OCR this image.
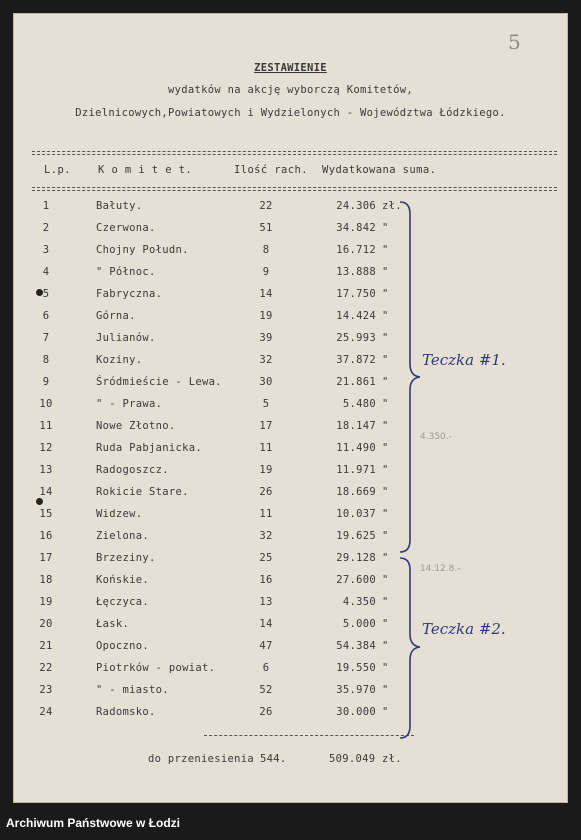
5
ZESTAWIENIE
wydatków na akcję wyborczą Komitetów,
Dzielnicowych,Powiatowych i Wydzielonych - Województwa Łódzkiego.
L.p.	K o m i t e t.	Ilość rach. Wydatkowana suma.
1	Bałuty.	22	24.306 zł.
2	Czerwona.	51	34.842 "
3	Chojny Połudn.	8	16.712 "
4	" Północ.	9	13.888 "
5	Fabryczna.	14	17.750 "
6	Górna.	19	14.424 "
7	Julianów.	39	25.993 "
8	Koziny.	32	37.872 "
9	Śródmieście - Lewa.	30	21.861 "
10	" - Prawa.	5	5.480 "
11	Nowe Złotno.	17	18.147 "
12	Ruda Pabjanicka.	11	11.490 "
13	Radogoszcz.	19	11.971 "
14	Rokicie Stare.	26	18.669 "
15	Widzew.	11	10.037 "
16	Zielona.	32	19.625 "
17	Brzeziny.	25	29.128 "
18	Końskie.	16	27.600 "
19	Łęczyca.	13	4.350 "
20	Łask.	14	5.000 "
21	Opoczno.	47	54.384 "
22	Piotrków - powiat.	6	19.550 "
23	" - miasto.	52	35.970 "
24	Radomsko.	26	30.000 "
do przeniesienia 544.	509.049 zł.
Teczka #1.
Teczka #2.
4.350.-
14.12.8.-
Archiwum Państwowe w Łodzi
